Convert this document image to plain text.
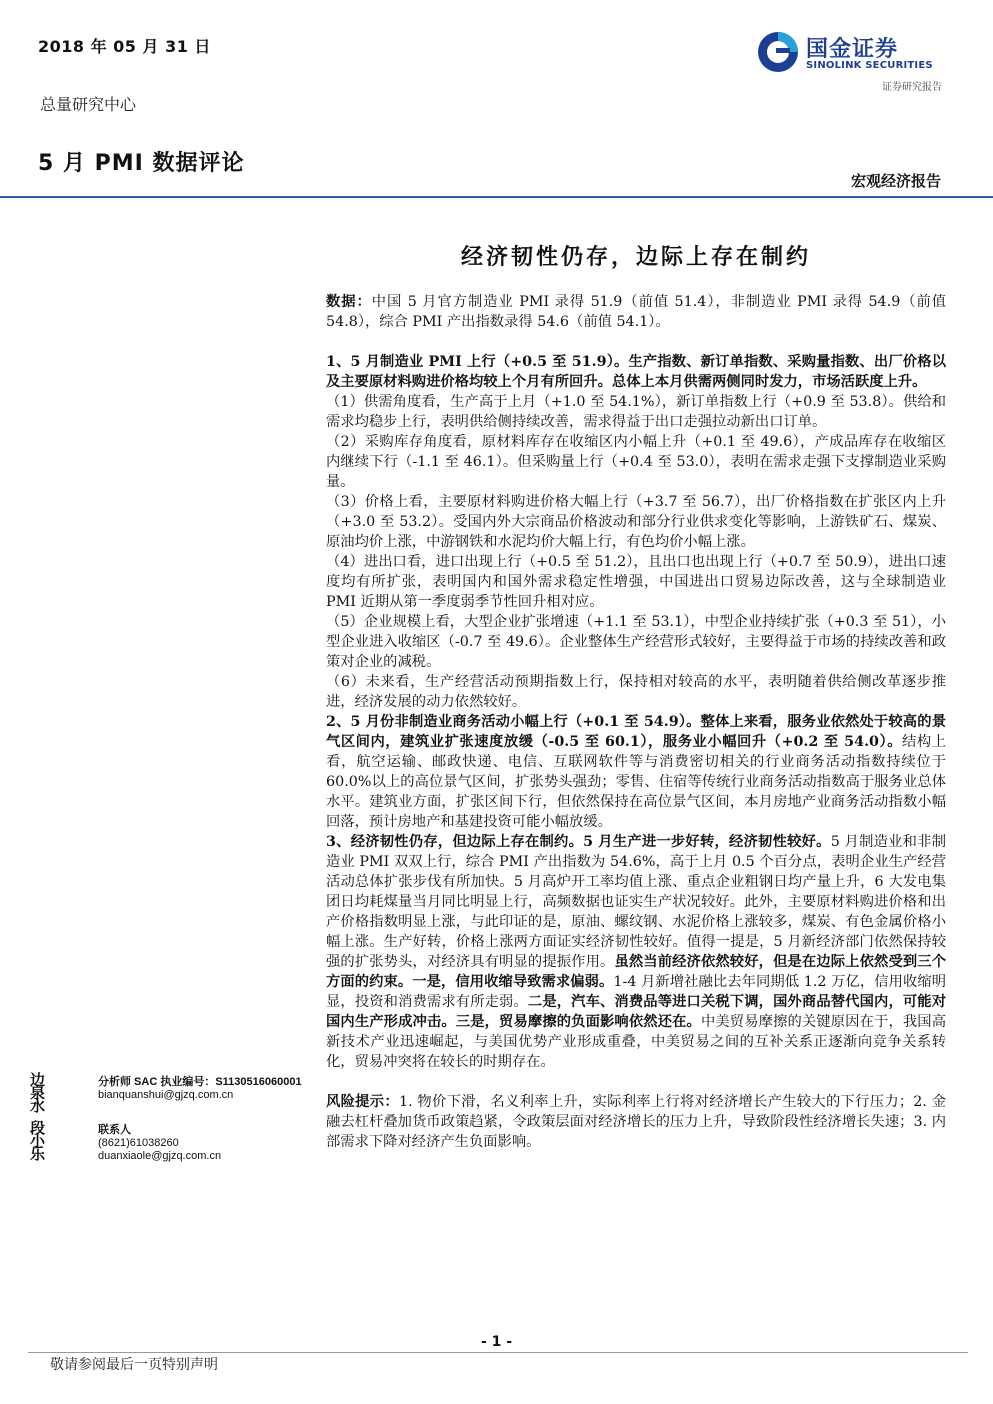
2018 年 05 月 31 日
总量研究中心
5 月 PMI 数据评论
国金证券
SINOLINK SECURITIES
证券研究报告
宏观经济报告
经济韧性仍存，边际上存在制约

数据：中国 5 月官方制造业 PMI 录得 51.9（前值 51.4），非制造业 PMI 录得 54.9（前值 54.8），综合 PMI 产出指数录得 54.6（前值 54.1）。

1、5 月制造业 PMI 上行（+0.5 至 51.9）。生产指数、新订单指数、采购量指数、出厂价格以及主要原材料购进价格均较上个月有所回升。总体上本月供需两侧同时发力，市场活跃度上升。

（1）供需角度看，生产高于上月（+1.0 至 54.1%），新订单指数上行（+0.9 至 53.8）。供给和需求均稳步上行，表明供给侧持续改善，需求得益于出口走强拉动新出口订单。

（2）采购库存角度看，原材料库存在收缩区内小幅上升（+0.1 至 49.6），产成品库存在收缩区内继续下行（-1.1 至 46.1）。但采购量上行（+0.4 至 53.0），表明在需求走强下支撑制造业采购量。

（3）价格上看，主要原材料购进价格大幅上行（+3.7 至 56.7），出厂价格指数在扩张区内上升（+3.0 至 53.2）。受国内外大宗商品价格波动和部分行业供求变化等影响，上游铁矿石、煤炭、原油均价上涨，中游钢铁和水泥均价大幅上行，有色均价小幅上涨。

（4）进出口看，进口出现上行（+0.5 至 51.2），且出口也出现上行（+0.7 至 50.9），进出口速度均有所扩张，表明国内和国外需求稳定性增强，中国进出口贸易边际改善，这与全球制造业 PMI 近期从第一季度弱季节性回升相对应。

（5）企业规模上看，大型企业扩张增速（+1.1 至 53.1），中型企业持续扩张（+0.3 至 51），小型企业进入收缩区（-0.7 至 49.6）。企业整体生产经营形式较好，主要得益于市场的持续改善和政策对企业的减税。

（6）未来看，生产经营活动预期指数上行，保持相对较高的水平，表明随着供给侧改革逐步推进，经济发展的动力依然较好。

2、5 月份非制造业商务活动小幅上行（+0.1 至 54.9）。整体上来看，服务业依然处于较高的景气区间内，建筑业扩张速度放缓（-0.5 至 60.1），服务业小幅回升（+0.2 至 54.0）。结构上看，航空运输、邮政快递、电信、互联网软件等与消费密切相关的行业商务活动指数持续位于 60.0%以上的高位景气区间，扩张势头强劲；零售、住宿等传统行业商务活动指数高于服务业总体水平。建筑业方面，扩张区间下行，但依然保持在高位景气区间，本月房地产业商务活动指数小幅回落，预计房地产和基建投资可能小幅放缓。

3、经济韧性仍存，但边际上存在制约。5 月生产进一步好转，经济韧性较好。5 月制造业和非制造业 PMI 双双上行，综合 PMI 产出指数为 54.6%，高于上月 0.5 个百分点，表明企业生产经营活动总体扩张步伐有所加快。5 月高炉开工率均值上涨、重点企业粗钢日均产量上升，6 大发电集团日均耗煤量当月同比明显上行，高频数据也证实生产状况较好。此外，主要原材料购进价格和出产价格指数明显上涨，与此印证的是，原油、螺纹钢、水泥价格上涨较多，煤炭、有色金属价格小幅上涨。生产好转，价格上涨两方面证实经济韧性较好。值得一提是，5 月新经济部门依然保持较强的扩张势头，对经济具有明显的提振作用。虽然当前经济依然较好，但是在边际上依然受到三个方面的约束。一是，信用收缩导致需求偏弱。1-4 月新增社融比去年同期低 1.2 万亿，信用收缩明显，投资和消费需求有所走弱。二是，汽车、消费品等进口关税下调，国外商品替代国内，可能对国内生产形成冲击。三是，贸易摩擦的负面影响依然还在。中美贸易摩擦的关键原因在于，我国高新技术产业迅速崛起，与美国优势产业形成重叠，中美贸易之间的互补关系正逐渐向竞争关系转化，贸易冲突将在较长的时期存在。

风险提示：1. 物价下滑，名义利率上升，实际利率上行将对经济增长产生较大的下行压力；2. 金融去杠杆叠加货币政策趋紧，令政策层面对经济增长的压力上升，导致阶段性经济增长失速；3. 内部需求下降对经济产生负面影响。

边泉水
分析师 SAC 执业编号：S1130516060001
bianquanshui@gjzq.com.cn
段小乐
联系人
(8621)61038260
duanxiaole@gjzq.com.cn
- 1 -
敬请参阅最后一页特别声明
